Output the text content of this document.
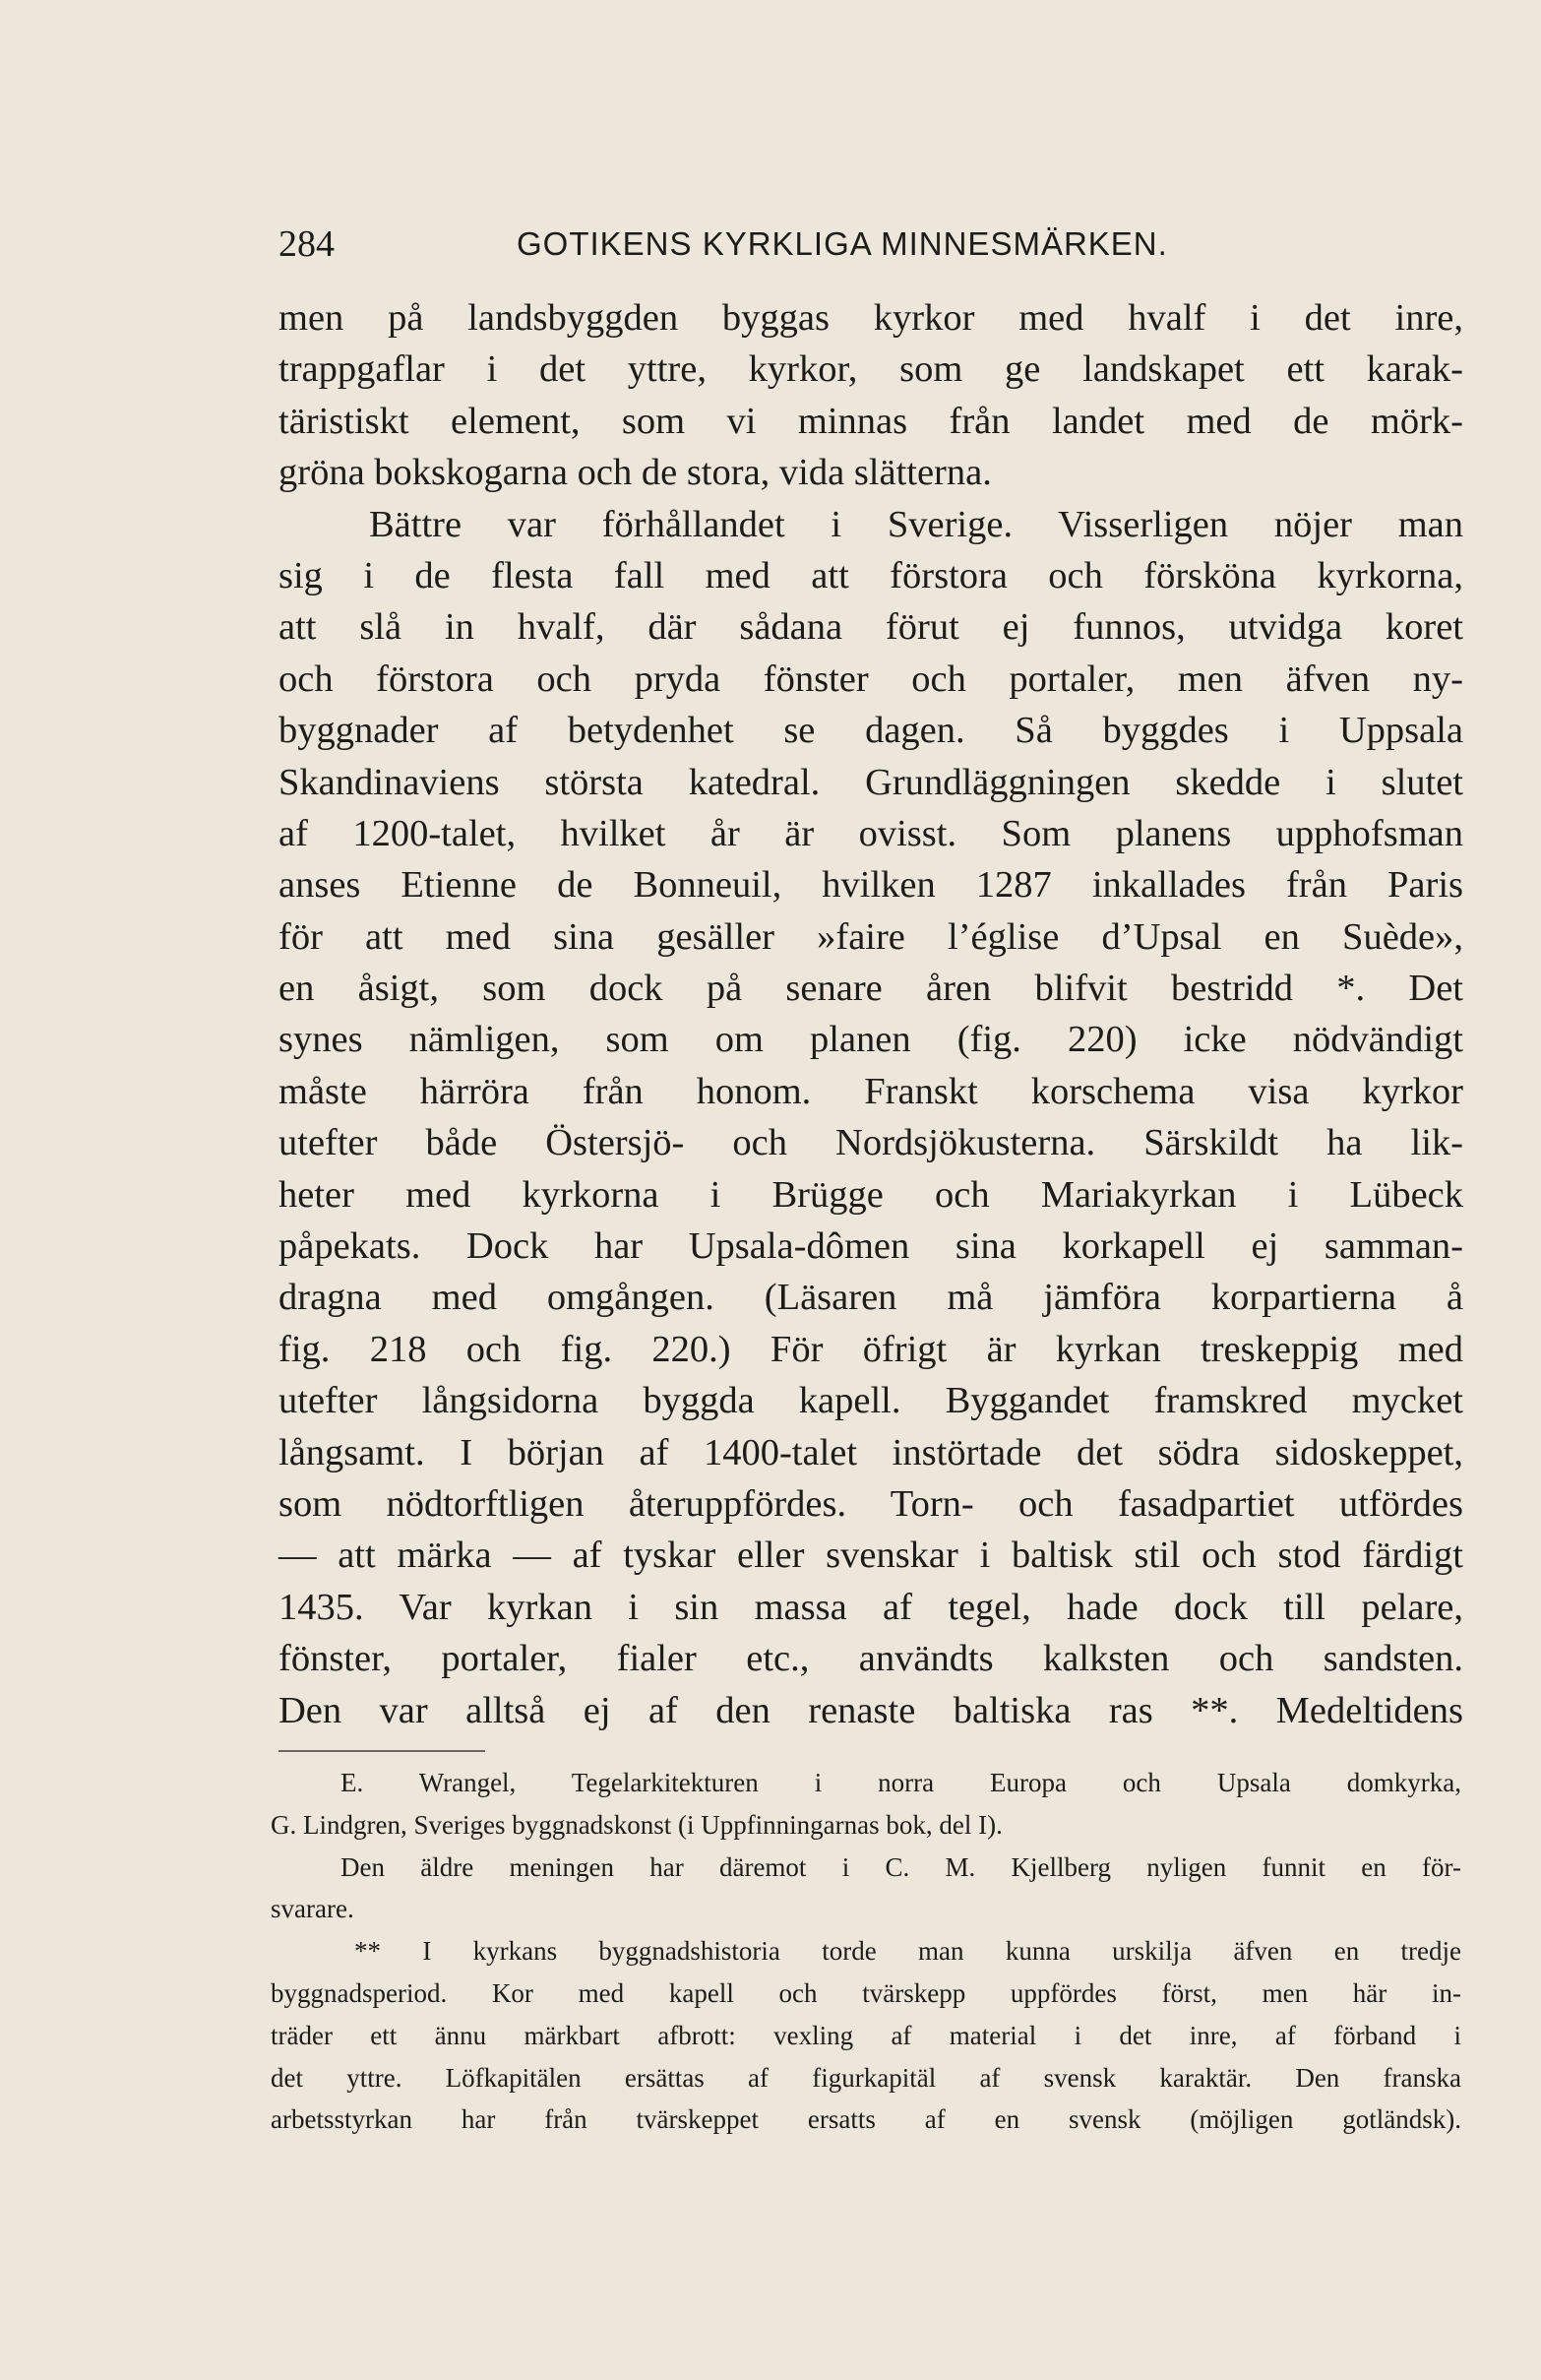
284	GOTIKENS KYRKLIGA MINNESMÄRKEN.
men på landsbyggden byggas kyrkor med hvalf i det inre,
trappgaflar i det yttre, kyrkor, som ge landskapet ett karak-
täristiskt element, som vi minnas från landet med de mörk-
gröna bokskogarna och de stora, vida slätterna.
Bättre var förhållandet i Sverige. Visserligen nöjer man
sig i de flesta fall med att förstora och försköna kyrkorna,
att slå in hvalf, där sådana förut ej funnos, utvidga koret
och förstora och pryda fönster och portaler, men äfven ny-
byggnader af betydenhet se dagen. Så byggdes i Uppsala
Skandinaviens största katedral. Grundläggningen skedde i slutet
af 1200-talet, hvilket år är ovisst. Som planens upphofsman
anses Etienne de Bonneuil, hvilken 1287 inkallades från Paris
för att med sina gesäller »faire l’église d’Upsal en Suède»,
en åsigt, som dock på senare åren blifvit bestridd *. Det
synes nämligen, som om planen (fig. 220) icke nödvändigt
måste härröra från honom. Franskt korschema visa kyrkor
utefter både Östersjö- och Nordsjökusterna. Särskildt ha lik-
heter med kyrkorna i Brügge och Mariakyrkan i Lübeck
påpekats. Dock har Upsala-dômen sina korkapell ej samman-
dragna med omgången. (Läsaren må jämföra korpartierna å
fig. 218 och fig. 220.) För öfrigt är kyrkan treskeppig med
utefter långsidorna byggda kapell. Byggandet framskred mycket
långsamt. I början af 1400-talet instörtade det södra sidoskeppet,
som nödtorftligen återuppfördes. Torn- och fasadpartiet utfördes
— att märka — af tyskar eller svenskar i baltisk stil och stod färdigt
1435. Var kyrkan i sin massa af tegel, hade dock till pelare,
fönster, portaler, fialer etc., användts kalksten och sandsten.
Den var alltså ej af den renaste baltiska ras **. Medeltidens
E. Wrangel, Tegelarkitekturen i norra Europa och Upsala domkyrka,
G. Lindgren, Sveriges byggnadskonst (i Uppfinningarnas bok, del I).
Den äldre meningen har däremot i C. M. Kjellberg nyligen funnit en för-
svarare.
** I kyrkans byggnadshistoria torde man kunna urskilja äfven en tredje
byggnadsperiod. Kor med kapell och tvärskepp uppfördes först, men här in-
träder ett ännu märkbart afbrott: vexling af material i det inre, af förband i
det yttre. Löfkapitälen ersättas af figurkapitäl af svensk karaktär. Den franska
arbetsstyrkan har från tvärskeppet ersatts af en svensk (möjligen gotländsk).
